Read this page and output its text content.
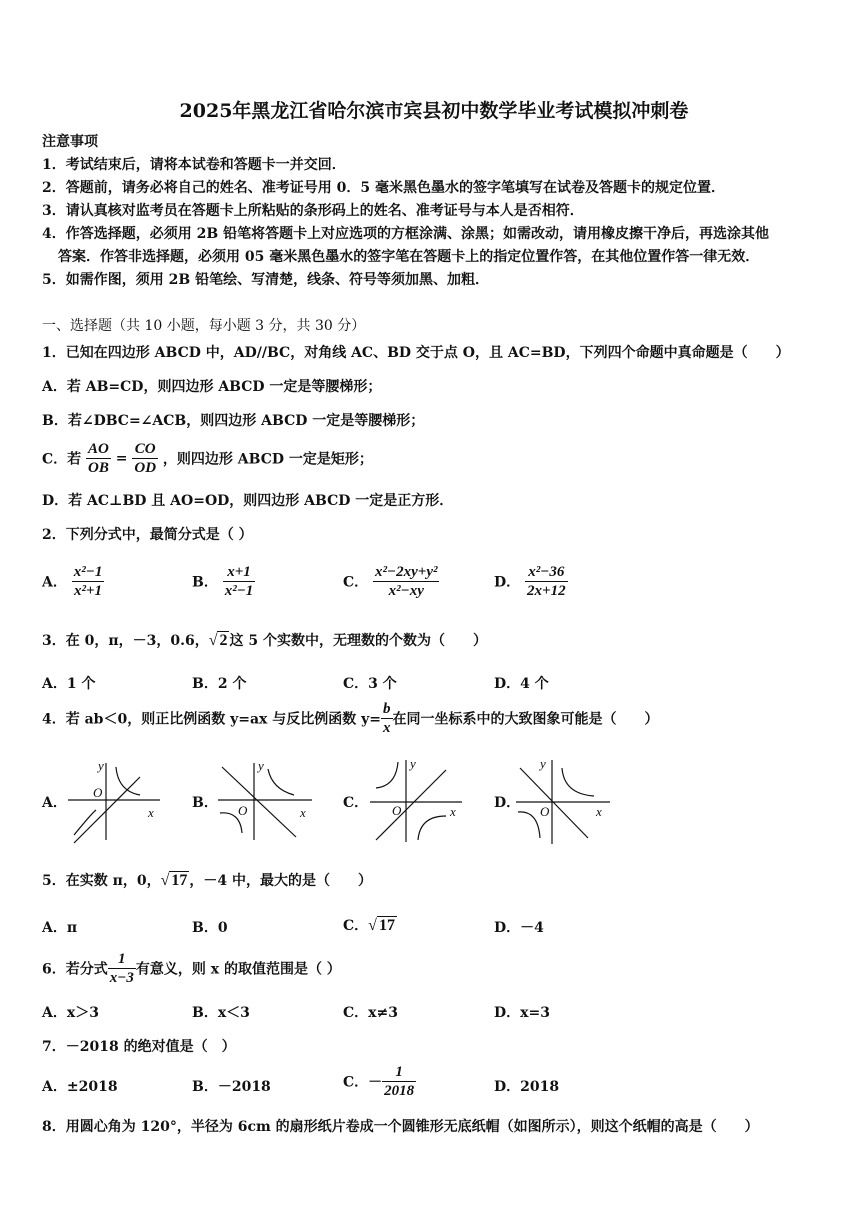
2025年黑龙江省哈尔滨市宾县初中数学毕业考试模拟冲刺卷
注意事项
1．考试结束后，请将本试卷和答题卡一并交回．
2．答题前，请务必将自己的姓名、准考证号用 0．5 毫米黑色墨水的签字笔填写在试卷及答题卡的规定位置．
3．请认真核对监考员在答题卡上所粘贴的条形码上的姓名、准考证号与本人是否相符．
4．作答选择题，必须用 2B 铅笔将答题卡上对应选项的方框涂满、涂黑；如需改动，请用橡皮擦干净后，再选涂其他
答案．作答非选择题，必须用 05 毫米黑色墨水的签字笔在答题卡上的指定位置作答，在其他位置作答一律无效．
5．如需作图，须用 2B 铅笔绘、写清楚，线条、符号等须加黑、加粗．
一、选择题（共 10 小题，每小题 3 分，共 30 分）
1．已知在四边形 ABCD 中，AD//BC，对角线 AC、BD 交于点 O，且 AC=BD，下列四个命题中真命题是（　　）
A．若 AB=CD，则四边形 ABCD 一定是等腰梯形；
B．若∠DBC=∠ACB，则四边形 ABCD 一定是等腰梯形；
C．若 $\frac{AO}{OB} = \frac{CO}{OD}$ ，则四边形 ABCD 一定是矩形；
D．若 AC⊥BD 且 AO=OD，则四边形 ABCD 一定是正方形．
2．下列分式中，最简分式是（ ）
A． $\frac{\text{x²−1}}{\text{x²+1}}$	B． $\frac{x+1}{\text{x²−1}}$	C． $\frac{\text{x²−2xy+y²}}{\text{x²−xy}}$	D． $\frac{\text{x²−36}}{2x+12}$
3．在 0，π，－3，0.6，√ 2 这 5 个实数中，无理数的个数为（　　）
A．1 个	B．2 个	C．3 个	D．4 个
4．若 ab＜0，则正比例函数 y=ax 与反比例函数 $y= \frac{b}{x}$ 在同一坐标系中的大致图象可能是（　　）
A．	B．	C．	D．
y
O
x
y
O	x
y
O	x
y
O	x
5．在实数 π，0，√ 17 ，－4 中，最大的是（　　）
A．π	B．0	C．√ 17	D．－4
6．若分式 $\frac{1}{x-3}$ 有意义，则 x 的取值范围是（ ）
A．x＞3	B．x＜3	C．x≠3	D．x=3
7．－2018 的绝对值是（　）
A．±2018	B．－2018	C．－ $\frac{1}{2018}$	D．2018
8．用圆心角为 120°，半径为 6cm 的扇形纸片卷成一个圆锥形无底纸帽（如图所示），则这个纸帽的高是（　　）
